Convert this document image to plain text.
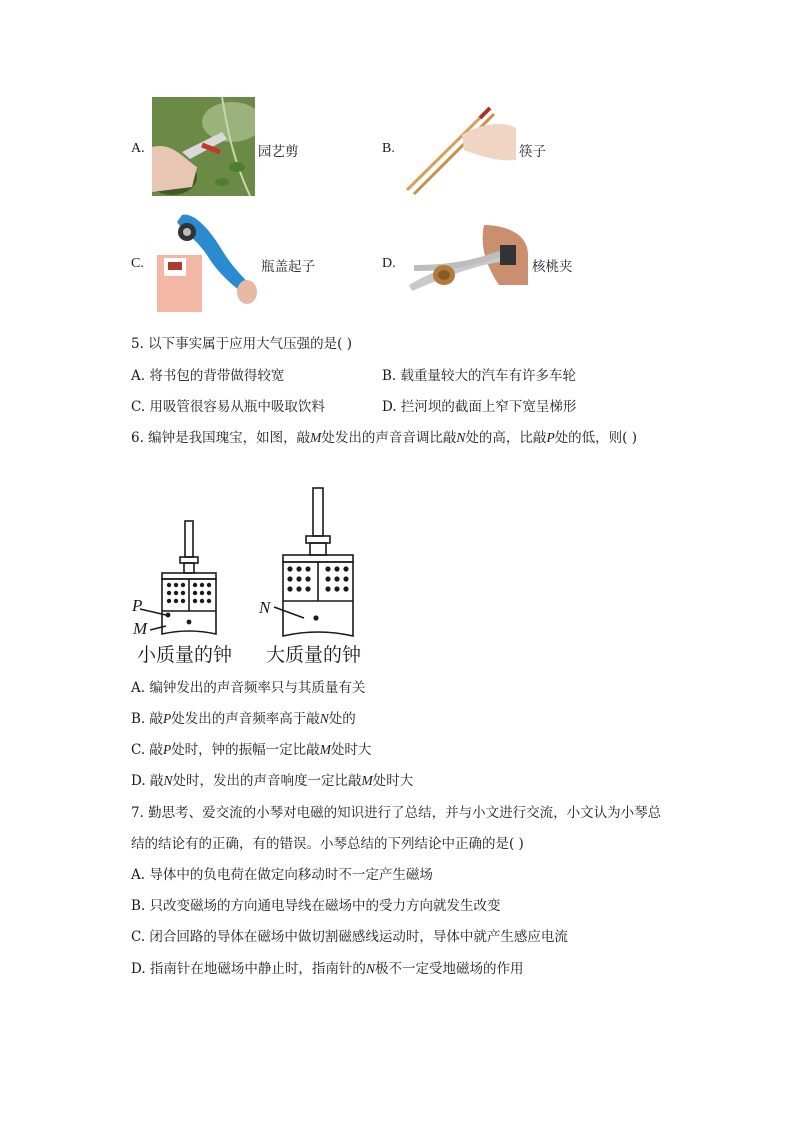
A.	园艺剪	B.	筷子
C.	瓶盖起子	D.	核桃夹
5. 以下事实属于应用大气压强的是( )
A. 将书包的背带做得较宽	B. 载重量较大的汽车有许多车轮
C. 用吸管很容易从瓶中吸取饮料	D. 拦河坝的截面上窄下宽呈梯形
6. 编钟是我国瑰宝，如图，敲M处发出的声音音调比敲N处的高，比敲P处的低，则( )
P
M
N
小质量的钟 大质量的钟
A. 编钟发出的声音频率只与其质量有关
B. 敲P处发出的声音频率高于敲N处的
C. 敲P处时，钟的振幅一定比敲M处时大
D. 敲N处时，发出的声音响度一定比敲M处时大
7. 勤思考、爱交流的小琴对电磁的知识进行了总结，并与小文进行交流，小文认为小琴总
结的结论有的正确，有的错误。小琴总结的下列结论中正确的是( )
A. 导体中的负电荷在做定向移动时不一定产生磁场
B. 只改变磁场的方向通电导线在磁场中的受力方向就发生改变
C. 闭合回路的导体在磁场中做切割磁感线运动时，导体中就产生感应电流
D. 指南针在地磁场中静止时，指南针的N极不一定受地磁场的作用
